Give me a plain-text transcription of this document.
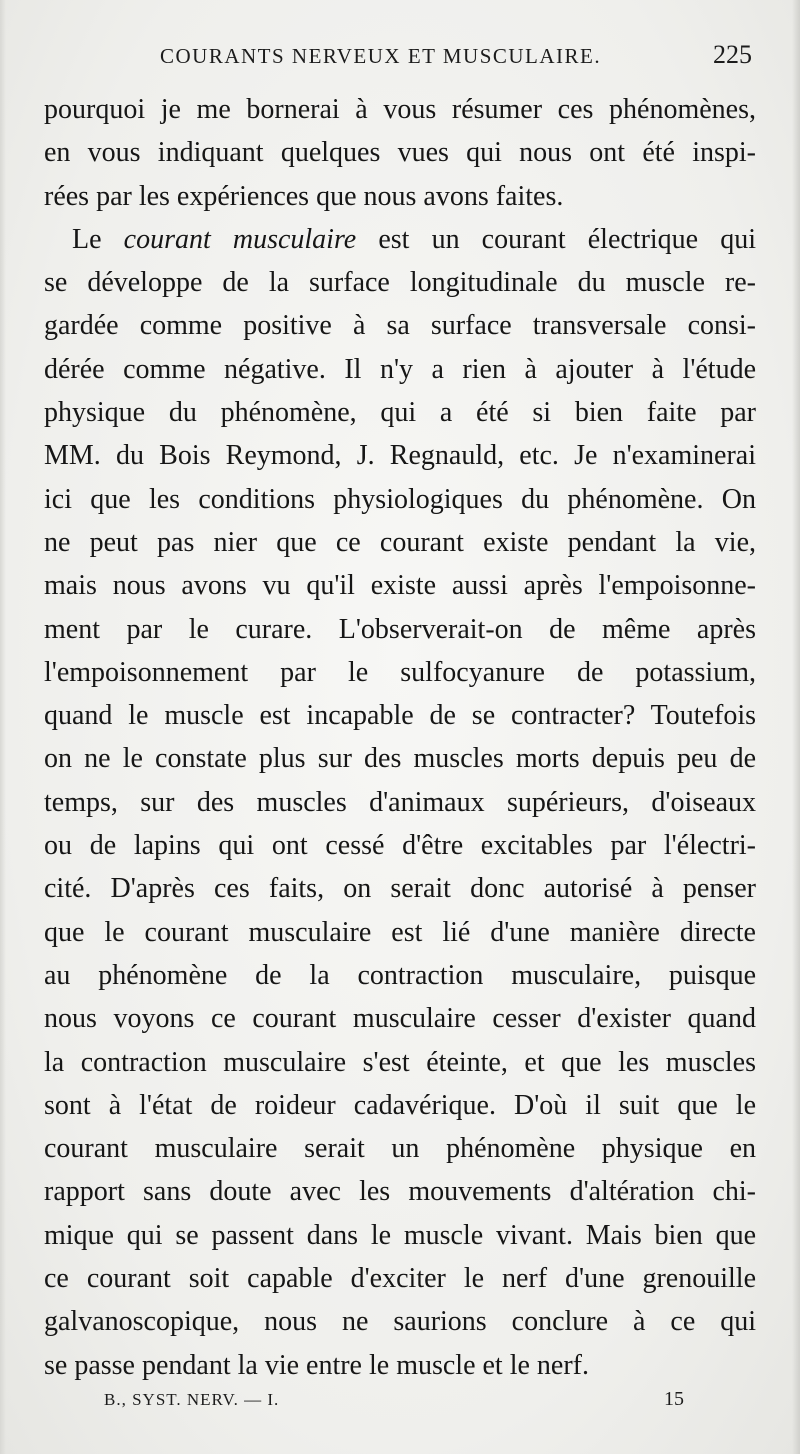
COURANTS NERVEUX ET MUSCULAIRE.	225
pourquoi je me bornerai à vous résumer ces phénomènes,
en vous indiquant quelques vues qui nous ont été inspi-
rées par les expériences que nous avons faites.
Le courant musculaire est un courant électrique qui
se développe de la surface longitudinale du muscle re-
gardée comme positive à sa surface transversale consi-
dérée comme négative. Il n'y a rien à ajouter à l'étude
physique du phénomène, qui a été si bien faite par
MM. du Bois Reymond, J. Regnauld, etc. Je n'examinerai
ici que les conditions physiologiques du phénomène. On
ne peut pas nier que ce courant existe pendant la vie,
mais nous avons vu qu'il existe aussi après l'empoisonne-
ment par le curare. L'observerait-on de même après
l'empoisonnement par le sulfocyanure de potassium,
quand le muscle est incapable de se contracter? Toutefois
on ne le constate plus sur des muscles morts depuis peu de
temps, sur des muscles d'animaux supérieurs, d'oiseaux
ou de lapins qui ont cessé d'être excitables par l'électri-
cité. D'après ces faits, on serait donc autorisé à penser
que le courant musculaire est lié d'une manière directe
au phénomène de la contraction musculaire, puisque
nous voyons ce courant musculaire cesser d'exister quand
la contraction musculaire s'est éteinte, et que les muscles
sont à l'état de roideur cadavérique. D'où il suit que le
courant musculaire serait un phénomène physique en
rapport sans doute avec les mouvements d'altération chi-
mique qui se passent dans le muscle vivant. Mais bien que
ce courant soit capable d'exciter le nerf d'une grenouille
galvanoscopique, nous ne saurions conclure à ce qui
se passe pendant la vie entre le muscle et le nerf.
B., SYST. NERV. — I.	15
